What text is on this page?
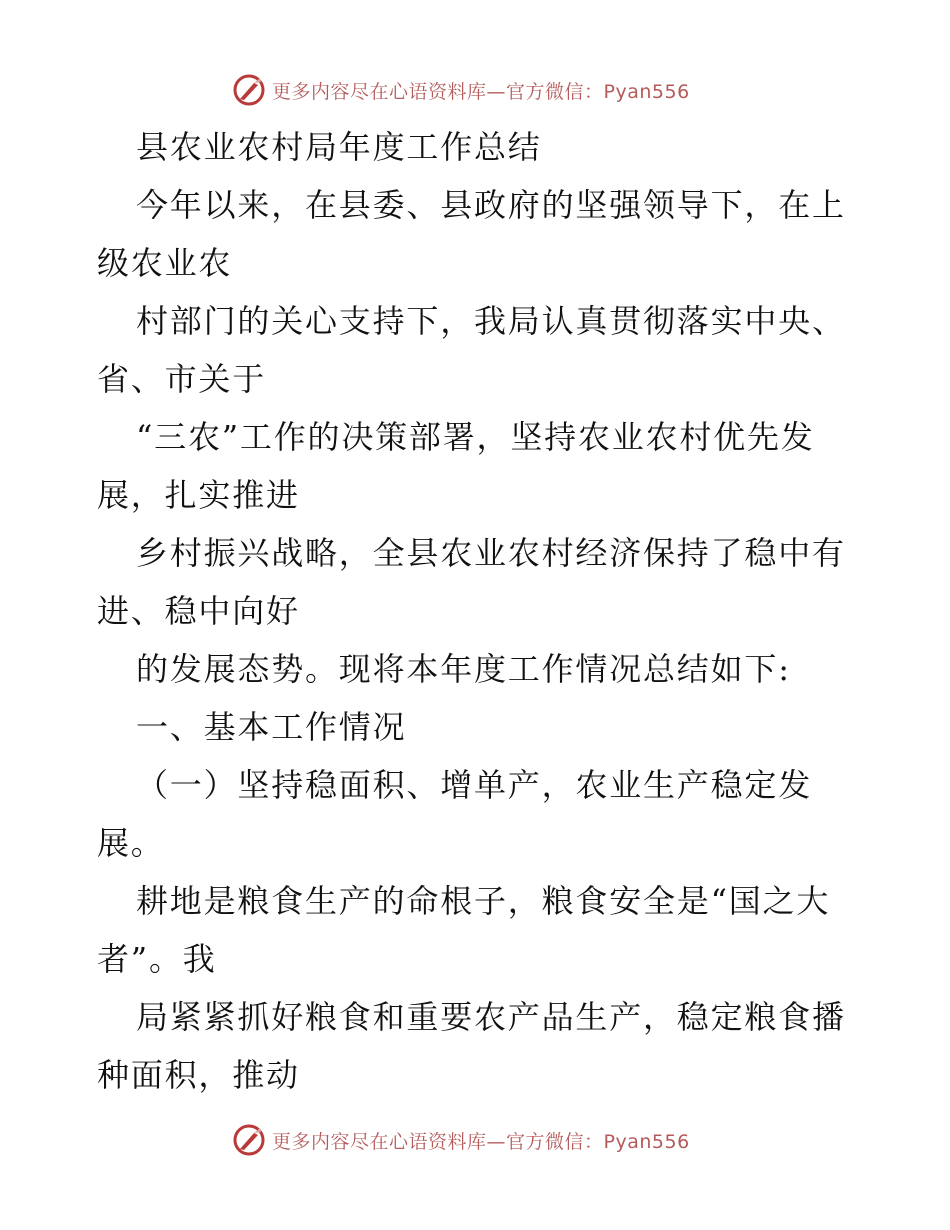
更多内容尽在心语资料库—官方微信：Pyan556
县农业农村局年度工作总结
今年以来，在县委、县政府的坚强领导下，在上
级农业农
村部门的关心支持下，我局认真贯彻落实中央、
省、市关于
“三农”工作的决策部署，坚持农业农村优先发
展，扎实推进
乡村振兴战略，全县农业农村经济保持了稳中有
进、稳中向好
的发展态势。现将本年度工作情况总结如下:
一、基本工作情况
（一）坚持稳面积、增单产，农业生产稳定发
展。
耕地是粮食生产的命根子，粮食安全是“国之大
者”。我
局紧紧抓好粮食和重要农产品生产，稳定粮食播
种面积，推动
更多内容尽在心语资料库—官方微信：Pyan556
